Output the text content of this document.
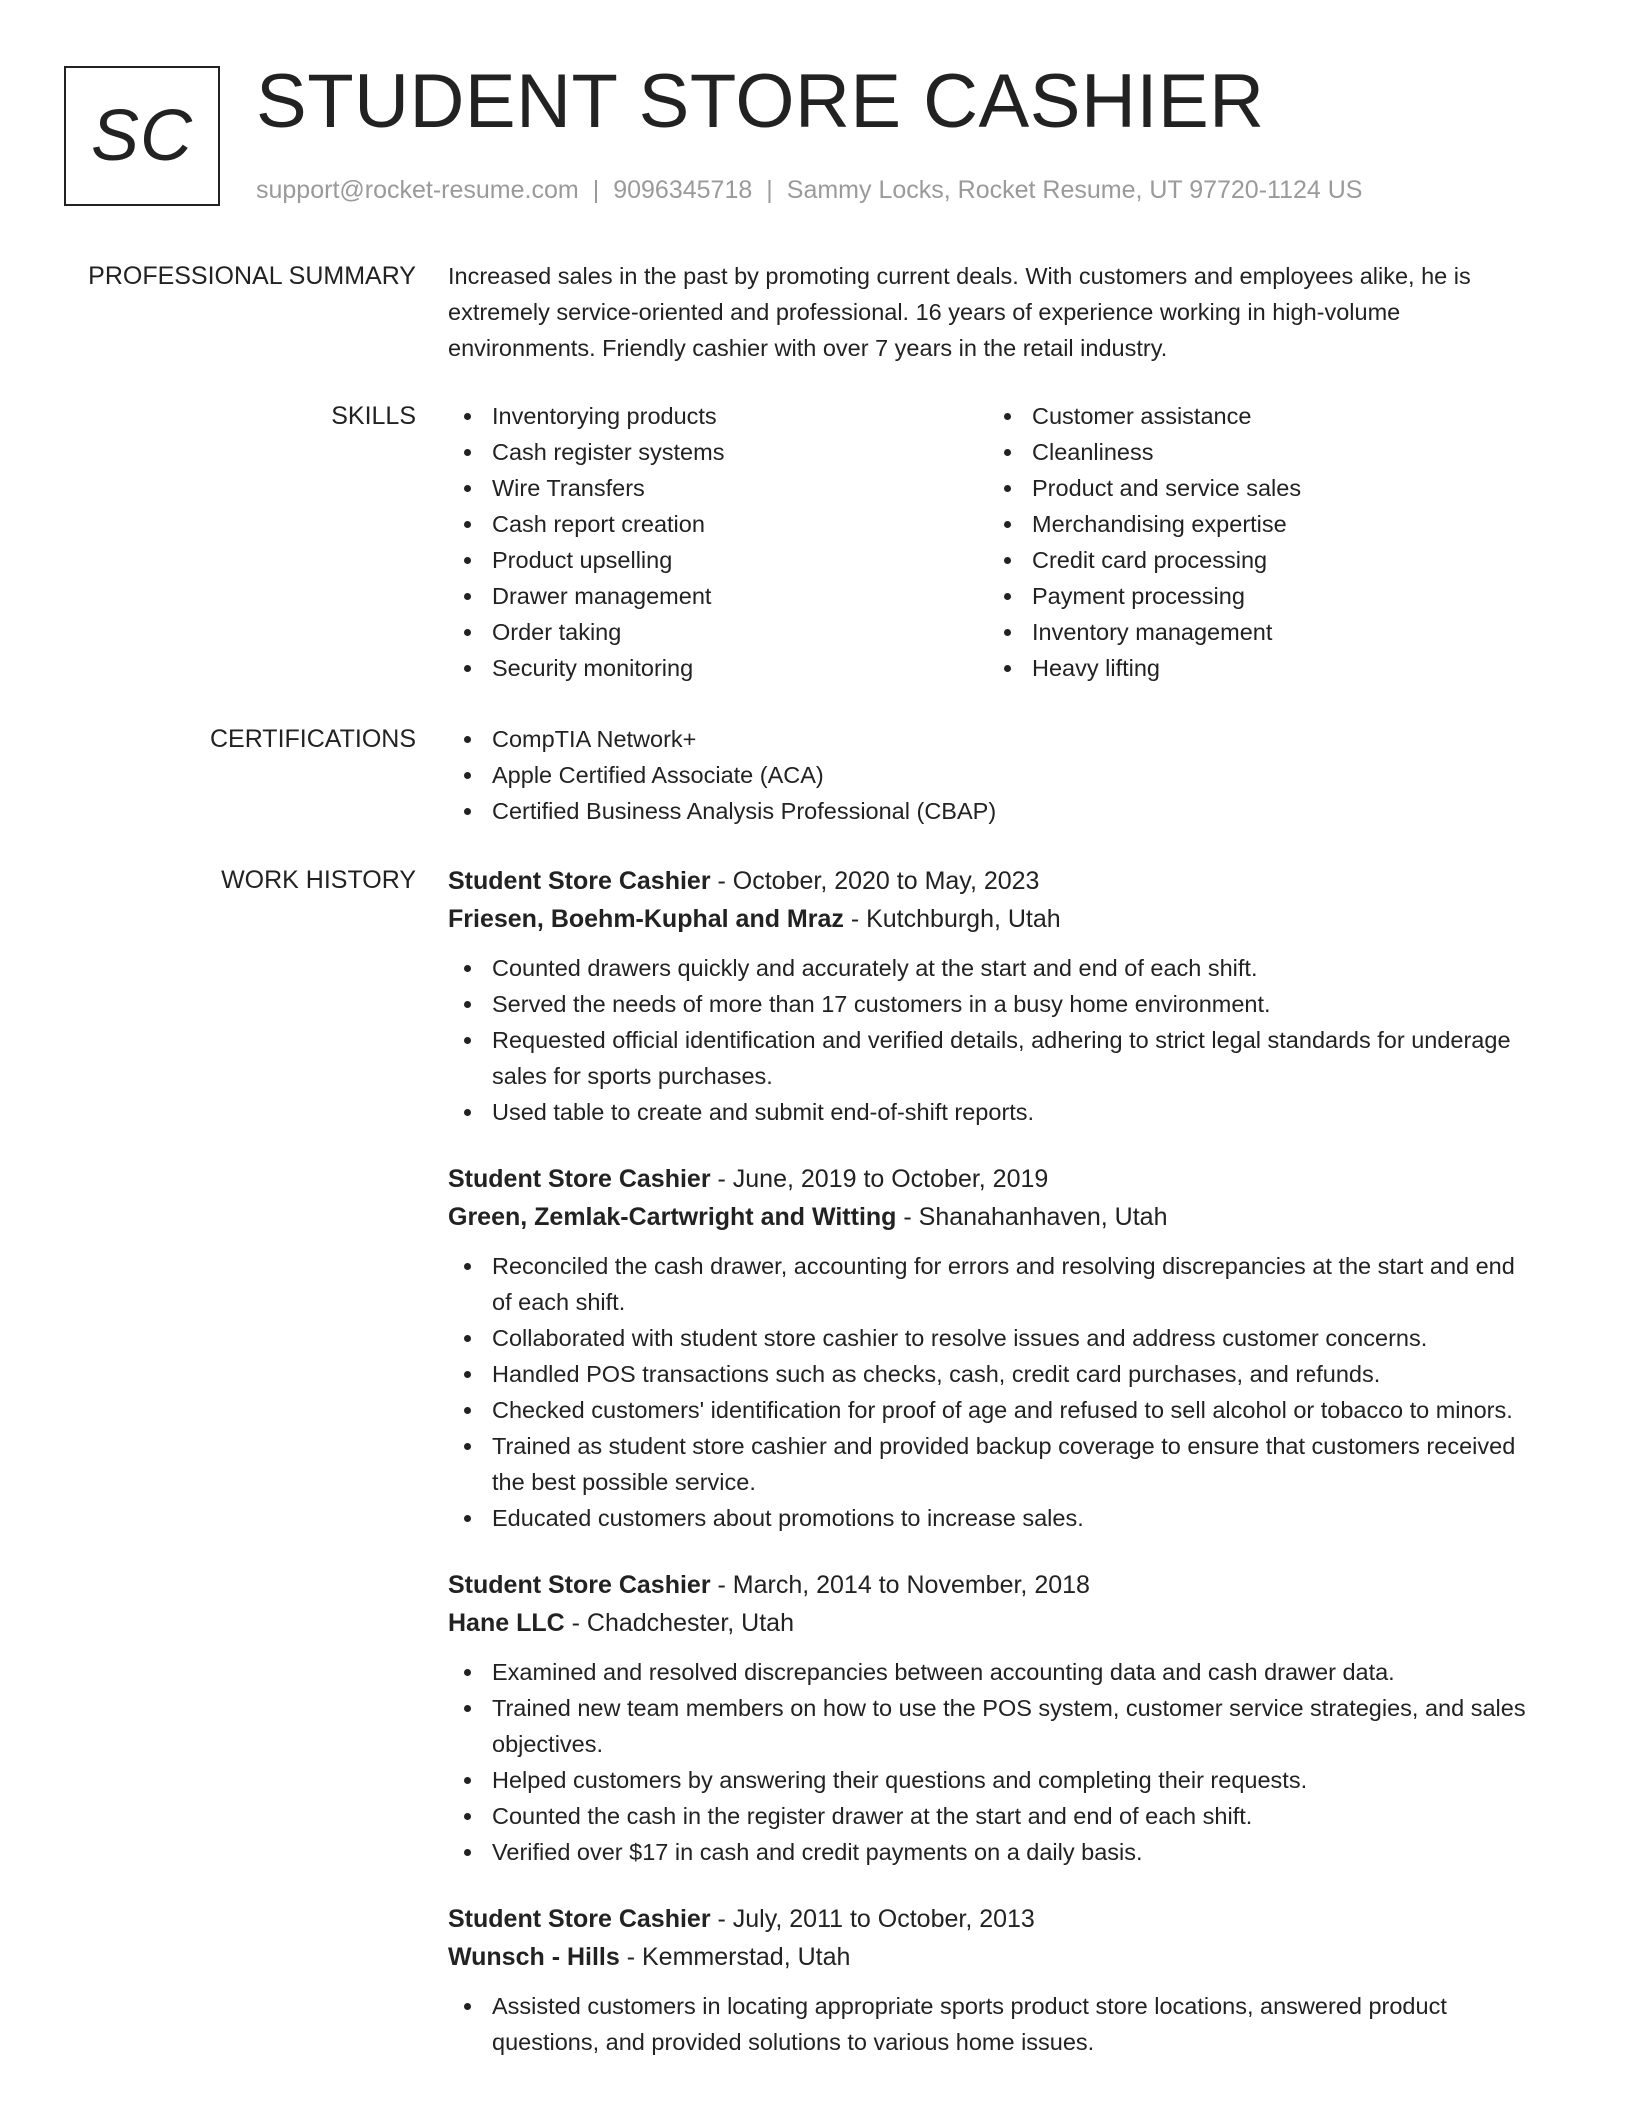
SC STUDENT STORE CASHIER
support@rocket-resume.com | 9096345718 | Sammy Locks, Rocket Resume, UT 97720-1124 US
PROFESSIONAL SUMMARY Increased sales in the past by promoting current deals. With customers and employees alike, he is extremely service-oriented and professional. 16 years of experience working in high-volume environments. Friendly cashier with over 7 years in the retail industry.
SKILLS	Inventorying products
Cash register systems
Wire Transfers
Cash report creation
Product upselling
Drawer management
Order taking
Security monitoring
Customer assistance
Cleanliness
Product and service sales
Merchandising expertise
Credit card processing
Payment processing
Inventory management
Heavy lifting
CERTIFICATIONS	CompTIA Network+
Apple Certified Associate (ACA)
Certified Business Analysis Professional (CBAP)
WORK HISTORY Student Store Cashier - October, 2020 to May, 2023
Friesen, Boehm-Kuphal and Mraz - Kutchburgh, Utah
Counted drawers quickly and accurately at the start and end of each shift.
Served the needs of more than 17 customers in a busy home environment.
Requested official identification and verified details, adhering to strict legal standards for underage sales for sports purchases.
Used table to create and submit end-of-shift reports.
Student Store Cashier - June, 2019 to October, 2019
Green, Zemlak-Cartwright and Witting - Shanahanhaven, Utah
Reconciled the cash drawer, accounting for errors and resolving discrepancies at the start and end of each shift.
Collaborated with student store cashier to resolve issues and address customer concerns.
Handled POS transactions such as checks, cash, credit card purchases, and refunds.
Checked customers' identification for proof of age and refused to sell alcohol or tobacco to minors.
Trained as student store cashier and provided backup coverage to ensure that customers received the best possible service.
Educated customers about promotions to increase sales.
Student Store Cashier - March, 2014 to November, 2018
Hane LLC - Chadchester, Utah
Examined and resolved discrepancies between accounting data and cash drawer data.
Trained new team members on how to use the POS system, customer service strategies, and sales objectives.
Helped customers by answering their questions and completing their requests.
Counted the cash in the register drawer at the start and end of each shift.
Verified over $17 in cash and credit payments on a daily basis.
Student Store Cashier - July, 2011 to October, 2013
Wunsch - Hills - Kemmerstad, Utah
Assisted customers in locating appropriate sports product store locations, answered product questions, and provided solutions to various home issues.
